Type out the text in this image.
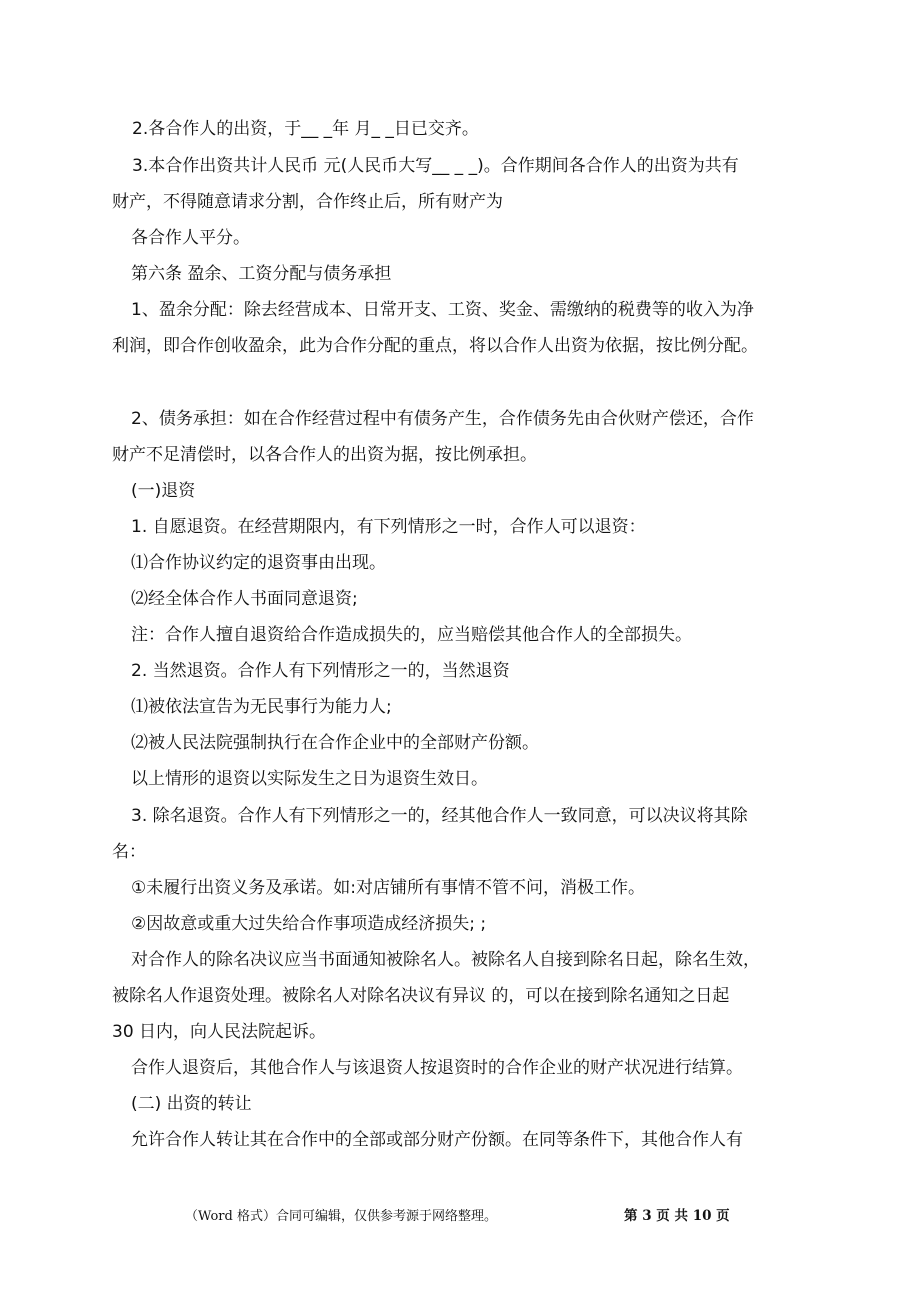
2.各合作人的出资，于__ _年 月_ _日已交齐。
3.本合作出资共计人民币 元(人民币大写__ _ _)。合作期间各合作人的出资为共有
财产，不得随意请求分割，合作终止后，所有财产为
各合作人平分。
第六条 盈余、工资分配与债务承担
1、盈余分配：除去经营成本、日常开支、工资、奖金、需缴纳的税费等的收入为净
利润，即合作创收盈余，此为合作分配的重点，将以合作人出资为依据，按比例分配。
2、债务承担：如在合作经营过程中有债务产生，合作债务先由合伙财产偿还，合作
财产不足清偿时，以各合作人的出资为据，按比例承担。
(一)退资
1. 自愿退资。在经营期限内，有下列情形之一时，合作人可以退资：
⑴合作协议约定的退资事由出现。
⑵经全体合作人书面同意退资;
注：合作人擅自退资给合作造成损失的，应当赔偿其他合作人的全部损失。
2. 当然退资。合作人有下列情形之一的，当然退资
⑴被依法宣告为无民事行为能力人;
⑵被人民法院强制执行在合作企业中的全部财产份额。
以上情形的退资以实际发生之日为退资生效日。
3. 除名退资。合作人有下列情形之一的，经其他合作人一致同意，可以决议将其除
名：
①未履行出资义务及承诺。如:对店铺所有事情不管不问，消极工作。
②因故意或重大过失给合作事项造成经济损失; ;
对合作人的除名决议应当书面通知被除名人。被除名人自接到除名日起，除名生效，
被除名人作退资处理。被除名人对除名决议有异议 的，可以在接到除名通知之日起
30 日内，向人民法院起诉。
合作人退资后，其他合作人与该退资人按退资时的合作企业的财产状况进行结算。
(二) 出资的转让
允许合作人转让其在合作中的全部或部分财产份额。在同等条件下，其他合作人有
（Word 格式）合同可编辑，仅供参考源于网络整理。	第 3 页 共 10 页
